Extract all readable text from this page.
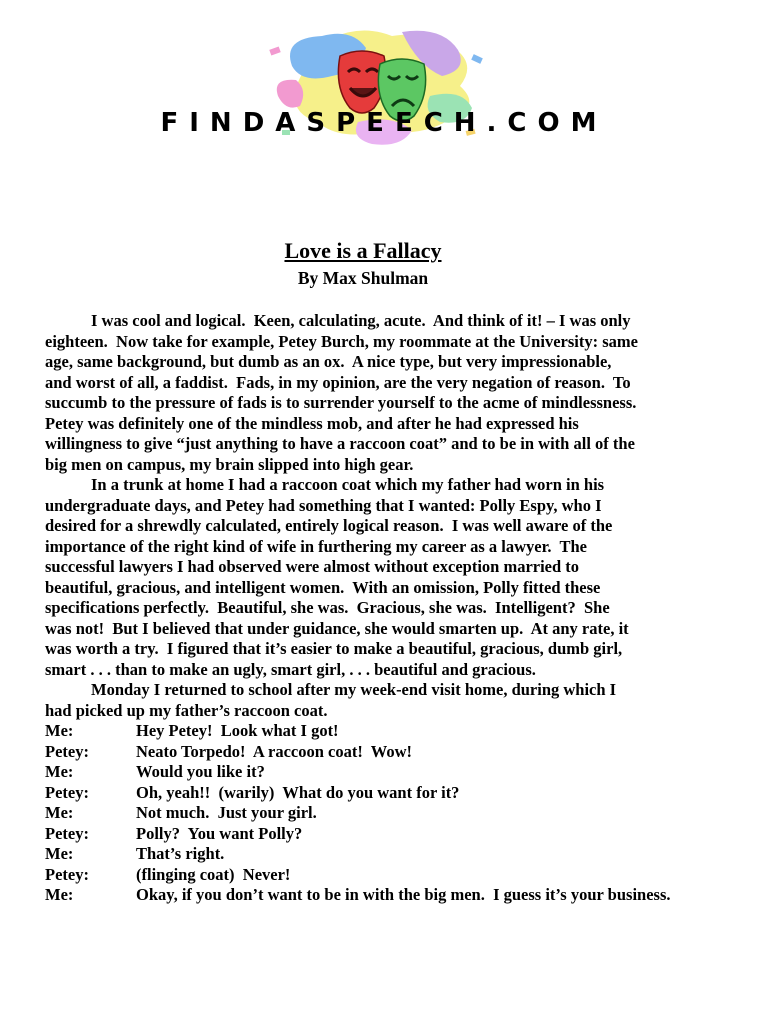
FINDASPEECH.COM
Love is a Fallacy
By Max Shulman
I was cool and logical.  Keen, calculating, acute.  And think of it! – I was only
eighteen.  Now take for example, Petey Burch, my roommate at the University: same
age, same background, but dumb as an ox.  A nice type, but very impressionable,
and worst of all, a faddist.  Fads, in my opinion, are the very negation of reason.  To
succumb to the pressure of fads is to surrender yourself to the acme of mindlessness.
Petey was definitely one of the mindless mob, and after he had expressed his
willingness to give “just anything to have a raccoon coat” and to be in with all of the
big men on campus, my brain slipped into high gear.
In a trunk at home I had a raccoon coat which my father had worn in his
undergraduate days, and Petey had something that I wanted: Polly Espy, who I
desired for a shrewdly calculated, entirely logical reason.  I was well aware of the
importance of the right kind of wife in furthering my career as a lawyer.  The
successful lawyers I had observed were almost without exception married to
beautiful, gracious, and intelligent women.  With an omission, Polly fitted these
specifications perfectly.  Beautiful, she was.  Gracious, she was.  Intelligent?  She
was not!  But I believed that under guidance, she would smarten up.  At any rate, it
was worth a try.  I figured that it’s easier to make a beautiful, gracious, dumb girl,
smart . . . than to make an ugly, smart girl, . . . beautiful and gracious.
Monday I returned to school after my week-end visit home, during which I
had picked up my father’s raccoon coat.
Me:	Hey Petey!  Look what I got!
Petey:	Neato Torpedo!  A raccoon coat!  Wow!
Me:	Would you like it?
Petey:	Oh, yeah!!  (warily)  What do you want for it?
Me:	Not much.  Just your girl.
Petey:	Polly?  You want Polly?
Me:	That’s right.
Petey:	(flinging coat)  Never!
Me:	Okay, if you don’t want to be in with the big men.  I guess it’s your business.
